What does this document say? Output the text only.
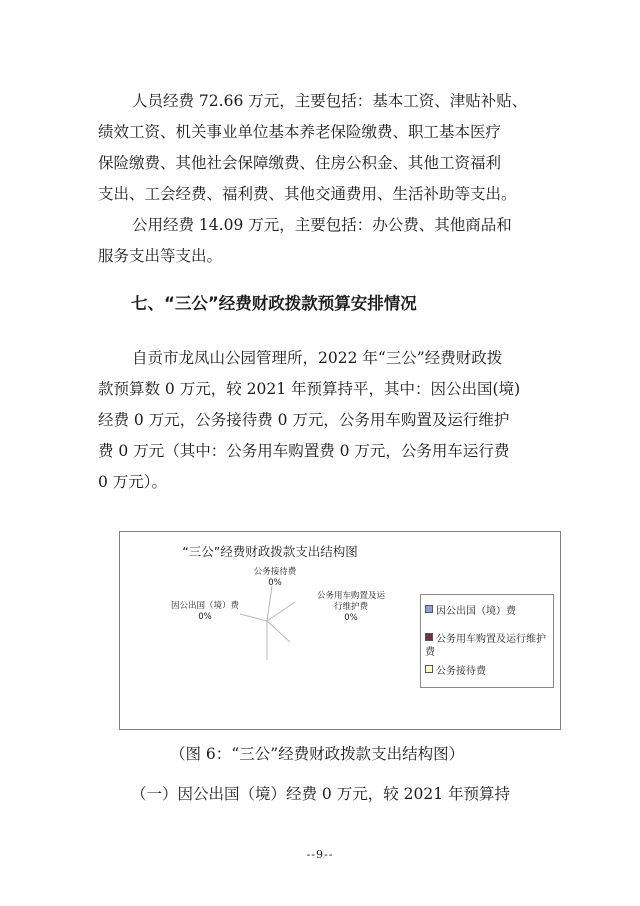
人员经费 72.66 万元，主要包括：基本工资、津贴补贴、

绩效工资、机关事业单位基本养老保险缴费、职工基本医疗

保险缴费、其他社会保障缴费、住房公积金、其他工资福利

支出、工会经费、福利费、其他交通费用、生活补助等支出。

公用经费 14.09 万元，主要包括：办公费、其他商品和

服务支出等支出。

七、“三公”经费财政拨款预算安排情况

自贡市龙凤山公园管理所，2022 年“三公”经费财政拨

款预算数 0 万元，较 2021 年预算持平，其中：因公出国(境)

经费 0 万元，公务接待费 0 万元，公务用车购置及运行维护

费 0 万元（其中：公务用车购置费 0 万元，公务用车运行费

0 万元）。

“三公”经费财政拨款支出结构图
公务接待费
0%
因公出国（境）费
0%
公务用车购置及运
行维护费
0%
因公出国（境）费
公务用车购置及运行维护
费
公务接待费
（图 6：“三公”经费财政拨款支出结构图）
（一）因公出国（境）经费 0 万元，较 2021 年预算持
--9--
